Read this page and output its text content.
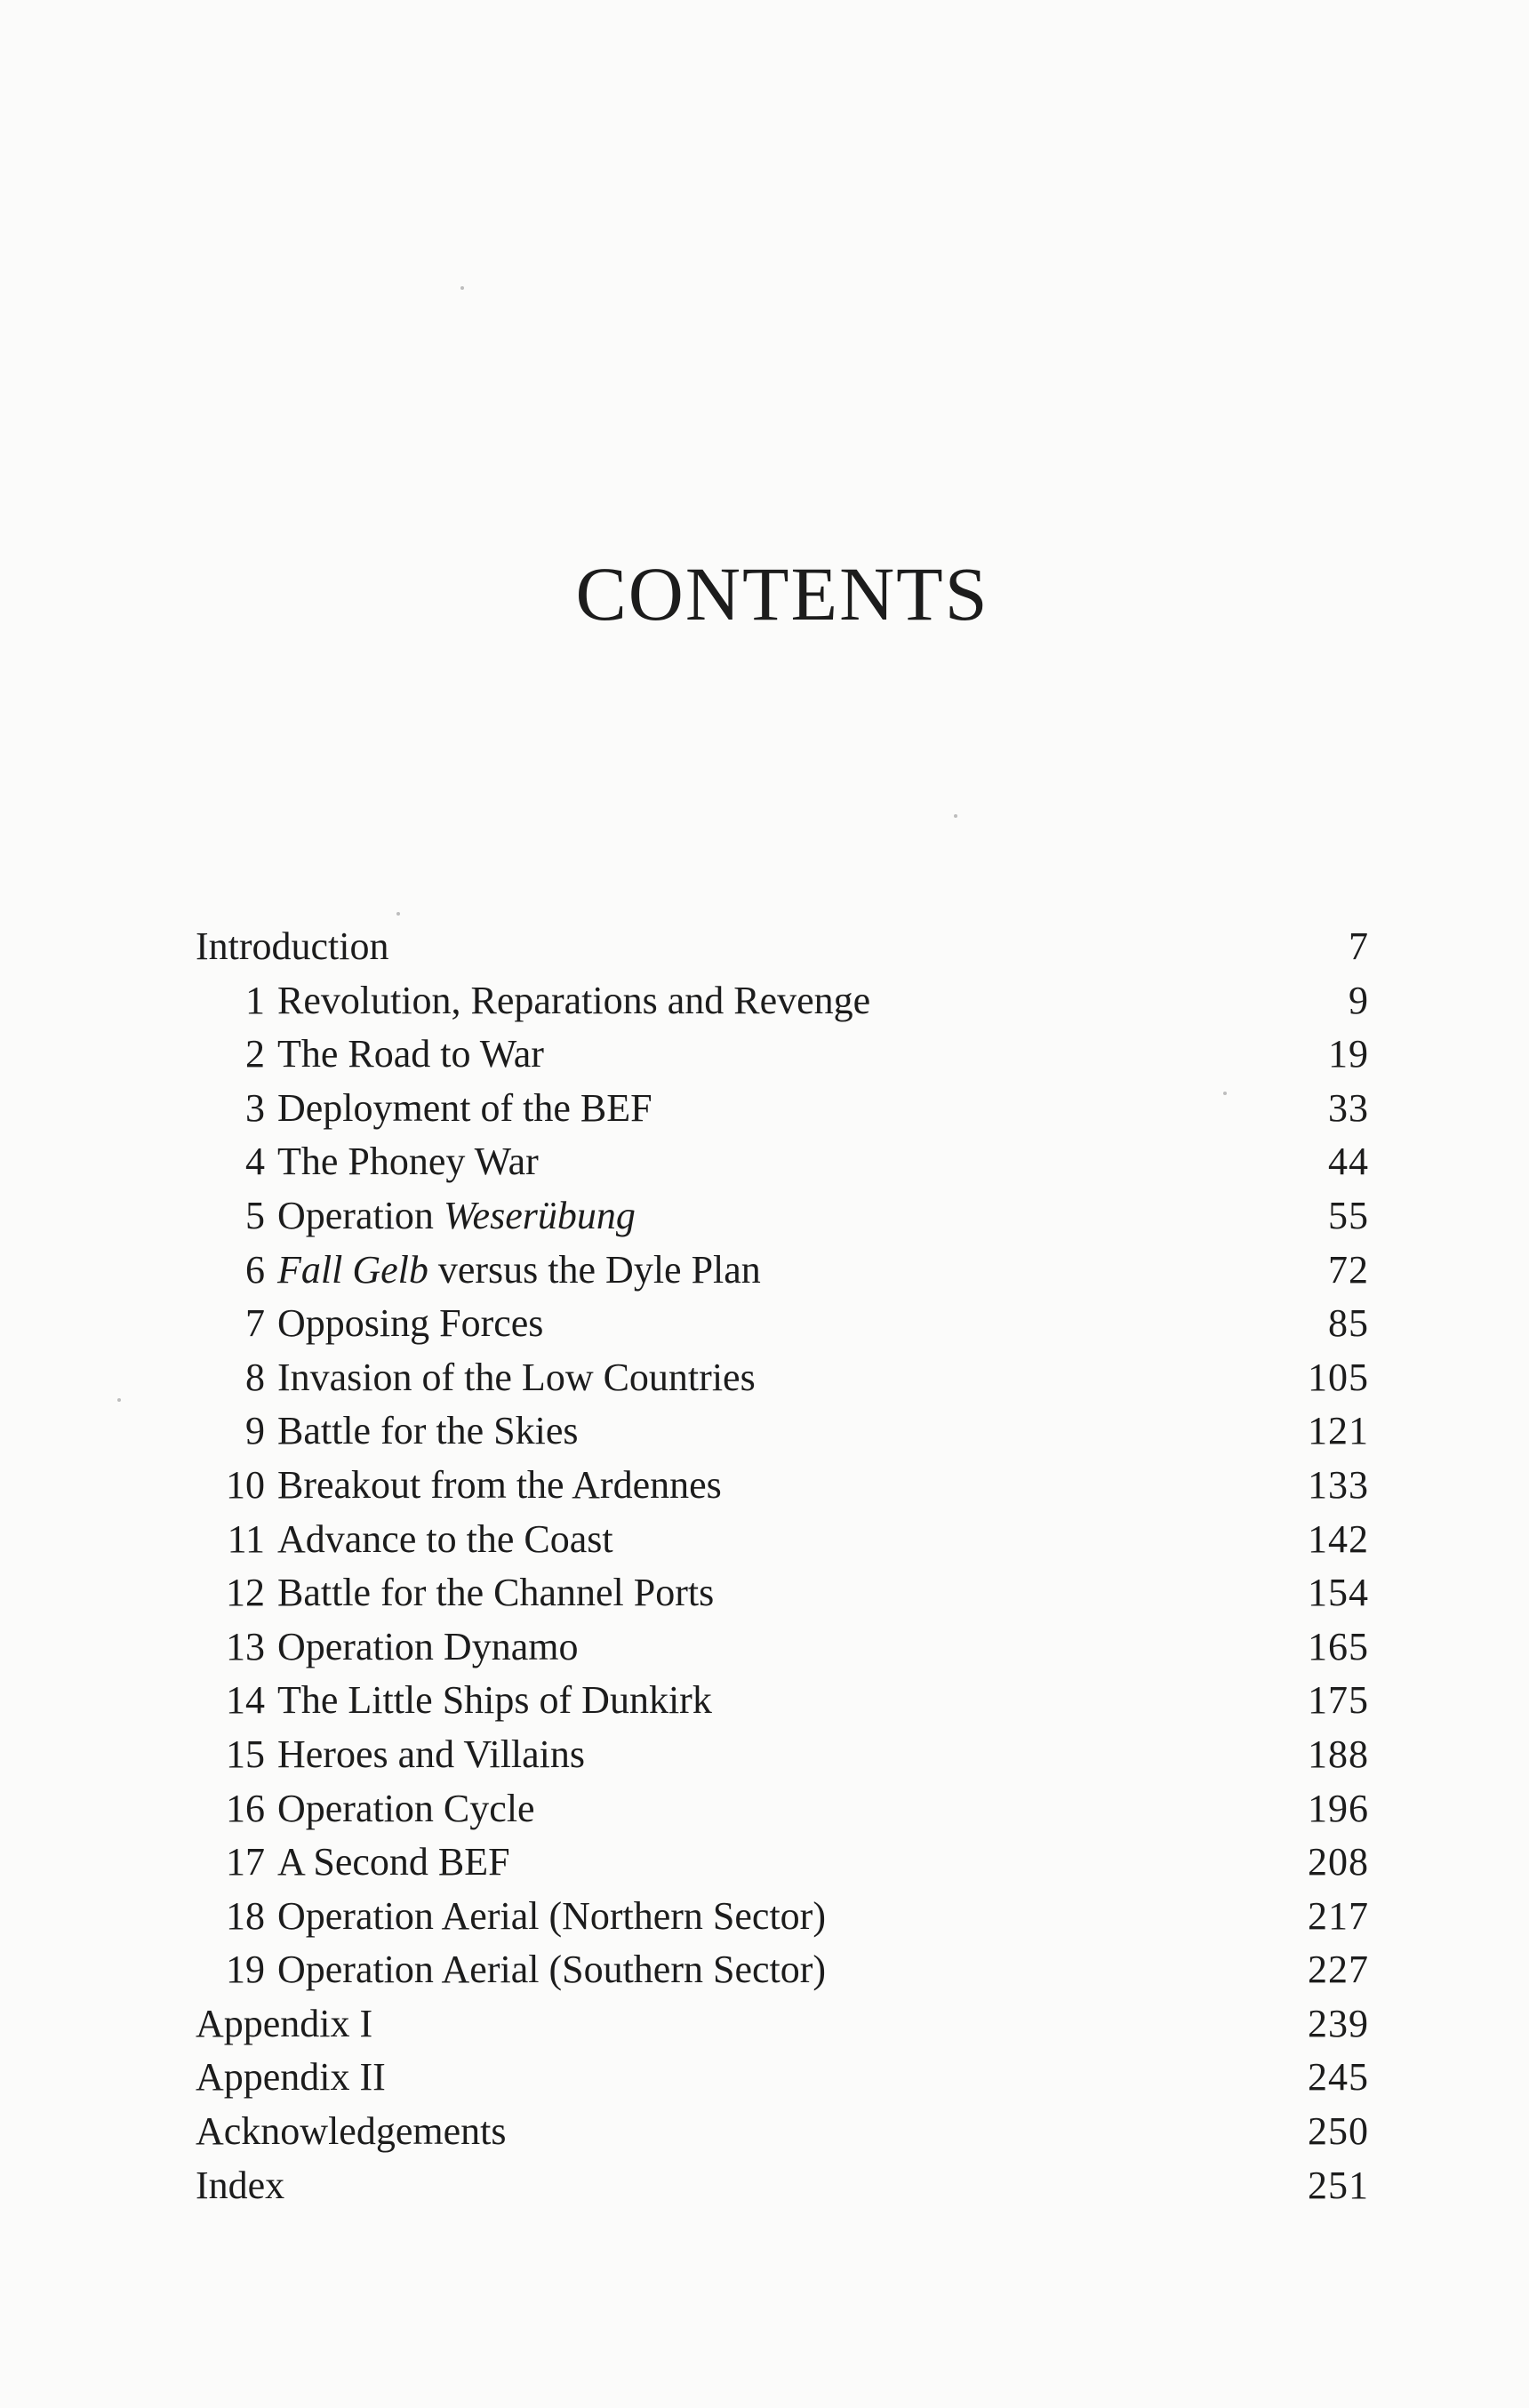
CONTENTS
Introduction	7
1 Revolution, Reparations and Revenge	9
2 The Road to War	19
3 Deployment of the BEF	33
4 The Phoney War	44
5 Operation Weserübung	55
6 Fall Gelb versus the Dyle Plan	72
7 Opposing Forces	85
8 Invasion of the Low Countries	105
9 Battle for the Skies	121
10 Breakout from the Ardennes	133
11 Advance to the Coast	142
12 Battle for the Channel Ports	154
13 Operation Dynamo	165
14 The Little Ships of Dunkirk	175
15 Heroes and Villains	188
16 Operation Cycle	196
17 A Second BEF	208
18 Operation Aerial (Northern Sector)	217
19 Operation Aerial (Southern Sector)	227
Appendix I	239
Appendix II	245
Acknowledgements	250
Index	251
